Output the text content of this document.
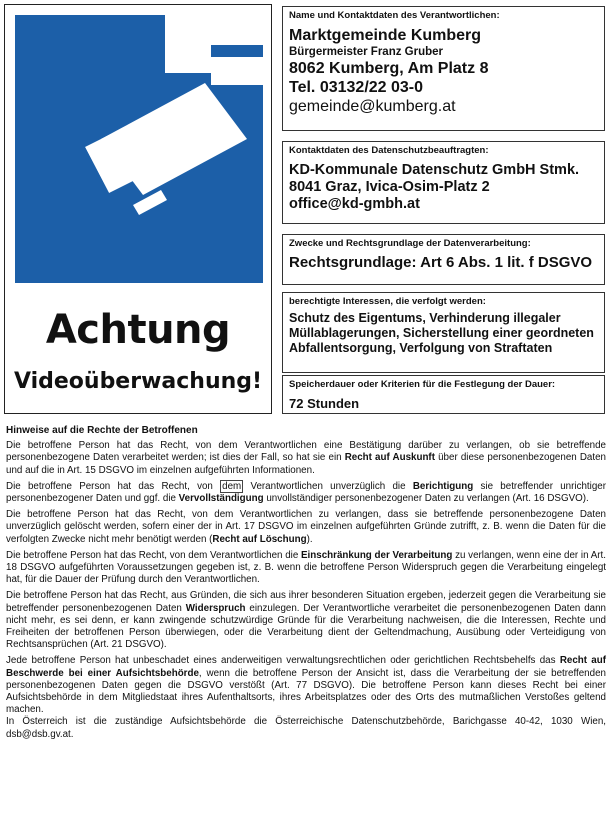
Achtung
Videoüberwachung!
Name und Kontaktdaten des Verantwortlichen:
Marktgemeinde Kumberg
Bürgermeister Franz Gruber
8062 Kumberg, Am Platz 8
Tel. 03132/22 03-0
gemeinde@kumberg.at
Kontaktdaten des Datenschutzbeauftragten:
KD-Kommunale Datenschutz GmbH Stmk.
8041 Graz, Ivica-Osim-Platz 2
office@kd-gmbh.at
Zwecke und Rechtsgrundlage der Datenverarbeitung:
Rechtsgrundlage: Art 6 Abs. 1 lit. f DSGVO
berechtigte Interessen, die verfolgt werden:
Schutz des Eigentums, Verhinderung illegaler
Müllablagerungen, Sicherstellung einer geordneten
Abfallentsorgung, Verfolgung von Straftaten
Speicherdauer oder Kriterien für die Festlegung der Dauer:
72 Stunden
Hinweise auf die Rechte der Betroffenen

Die betroffene Person hat das Recht, von dem Verantwortlichen eine Bestätigung darüber zu verlangen, ob sie betreffende personenbezogene Daten verarbeitet werden; ist dies der Fall, so hat sie ein Recht auf Auskunft über diese personenbezogenen Daten und auf die in Art. 15 DSGVO im einzelnen aufgeführten Informationen.

Die betroffene Person hat das Recht, von dem Verantwortlichen unverzüglich die Berichtigung sie betreffender unrichtiger personenbezogener Daten und ggf. die Vervollständigung unvollständiger personenbezogener Daten zu verlangen (Art. 16 DSGVO).

Die betroffene Person hat das Recht, von dem Verantwortlichen zu verlangen, dass sie betreffende personenbezogene Daten unverzüglich gelöscht werden, sofern einer der in Art. 17 DSGVO im einzelnen aufgeführten Gründe zutrifft, z. B. wenn die Daten für die verfolgten Zwecke nicht mehr benötigt werden (Recht auf Löschung).

Die betroffene Person hat das Recht, von dem Verantwortlichen die Einschränkung der Verarbeitung zu verlangen, wenn eine der in Art. 18 DSGVO aufgeführten Voraussetzungen gegeben ist, z. B. wenn die betroffene Person Widerspruch gegen die Verarbeitung eingelegt hat, für die Dauer der Prüfung durch den Verantwortlichen.

Die betroffene Person hat das Recht, aus Gründen, die sich aus ihrer besonderen Situation ergeben, jederzeit gegen die Verarbeitung sie betreffender personenbezogenen Daten Widerspruch einzulegen. Der Verantwortliche verarbeitet die personenbezogenen Daten dann nicht mehr, es sei denn, er kann zwingende schutzwürdige Gründe für die Verarbeitung nachweisen, die die Interessen, Rechte und Freiheiten der betroffenen Person überwiegen, oder die Verarbeitung dient der Geltendmachung, Ausübung oder Verteidigung von Rechtsansprüchen (Art. 21 DSGVO).

Jede betroffene Person hat unbeschadet eines anderweitigen verwaltungsrechtlichen oder gerichtlichen Rechtsbehelfs das Recht auf Beschwerde bei einer Aufsichtsbehörde, wenn die betroffene Person der Ansicht ist, dass die Verarbeitung der sie betreffenden personenbezogenen Daten gegen die DSGVO verstößt (Art. 77 DSGVO). Die betroffene Person kann dieses Recht bei einer Aufsichtsbehörde in dem Mitgliedstaat ihres Aufenthaltsorts, ihres Arbeitsplatzes oder des Orts des mutmaßlichen Verstoßes geltend machen.

In Österreich ist die zuständige Aufsichtsbehörde die Österreichische Datenschutzbehörde, Barichgasse 40-42, 1030 Wien, dsb@dsb.gv.at.
